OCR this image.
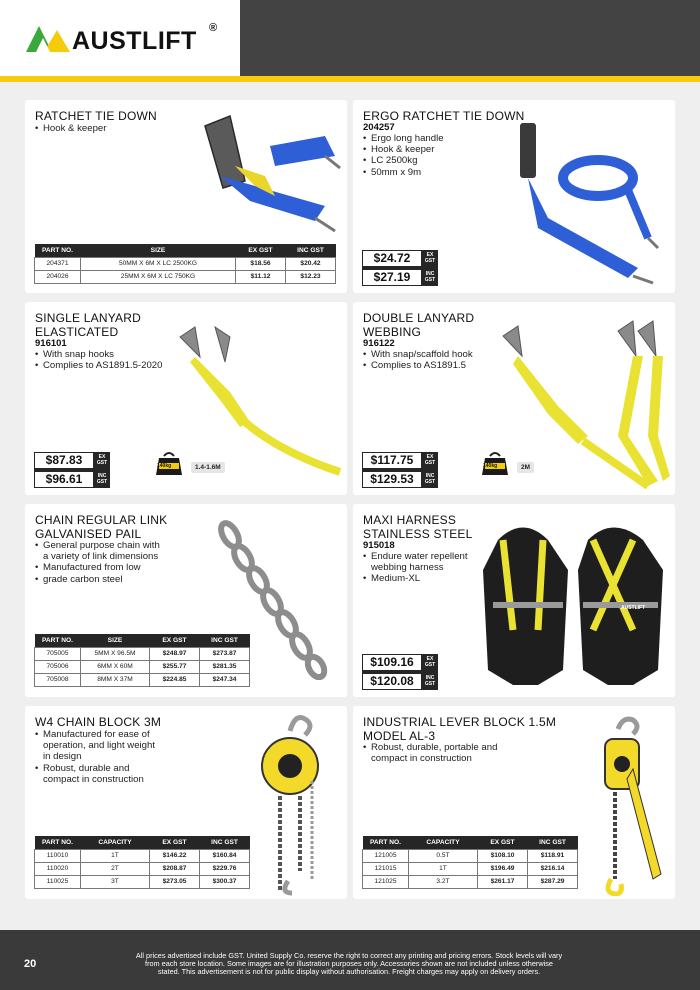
AUSTLIFT ®
RATCHET TIE DOWN
• Hook & keeper
PART NO.	SIZE	EX GST	INC GST
204371	50MM X 6M X LC 2500KG	$18.56	$20.42
204026	25MM X 6M X LC 750KG	$11.12	$12.23
ERGO RATCHET TIE DOWN
204257
• Ergo long handle
• Hook & keeper
• LC 2500kg
• 50mm x 9m
$24.72	EX GST
$27.19	INC GST
SINGLE LANYARD
ELASTICATED
916101
• With snap hooks
• Complies to AS1891.5-2020
$87.83	EX GST
$96.61	INC GST
140kg	1.4-1.6M
DOUBLE LANYARD
WEBBING
916122
• With snap/scaffold hook
• Complies to AS1891.5
$117.75	EX GST
$129.53	INC GST
140kg	2M
CHAIN REGULAR LINK
GALVANISED PAIL
• General purpose chain with
a variety of link dimensions
• Manufactured from low
• grade carbon steel
PART NO.	SIZE	EX GST	INC GST
705005	5MM X 96.5M	$248.97	$273.87
705006	6MM X 60M	$255.77	$281.35
705008	8MM X 37M	$224.85	$247.34
MAXI HARNESS
STAINLESS STEEL
915018
• Endure water repellent
webbing harness
• Medium-XL
AUSTLIFT
$109.16	EX GST
$120.08	INC GST
W4 CHAIN BLOCK 3M
• Manufactured for ease of
operation, and light weight
in design
• Robust, durable and
compact in construction
PART NO.	CAPACITY	EX GST	INC GST
110010	1T	$146.22	$160.84
110020	2T	$208.87	$229.76
110025	3T	$273.05	$300.37
INDUSTRIAL LEVER BLOCK 1.5M
MODEL AL-3
• Robust, durable, portable and
compact in construction
PART NO.	CAPACITY	EX GST	INC GST
121005	0.5T	$108.10	$118.91
121015	1T	$196.49	$216.14
121025	3.2T	$261.17	$287.29
20
All prices advertised include GST. United Supply Co. reserve the right to correct any printing and pricing errors. Stock levels will vary
from each store location. Some images are for illustration purposes only. Accessories shown are not included unless otherwise
stated. This advertisement is not for public display without authorisation. Freight charges may apply on delivery orders.
